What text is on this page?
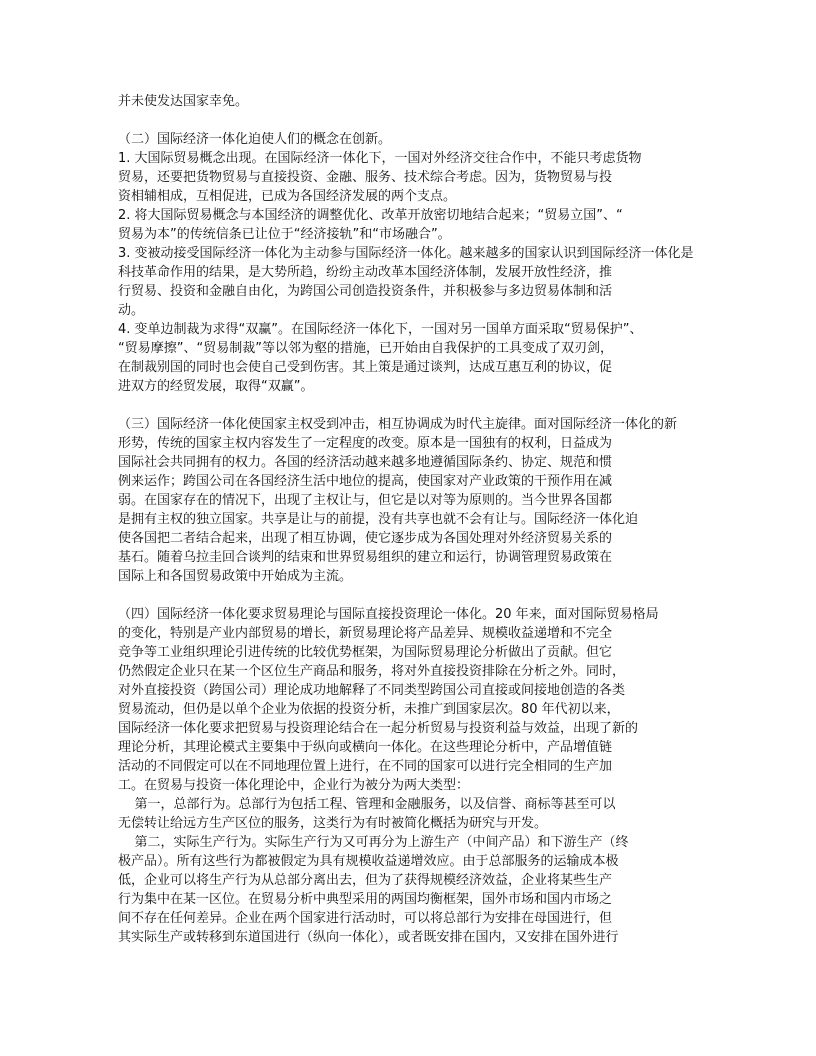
并未使发达国家幸免。
（二）国际经济一体化迫使人们的概念在创新。
1. 大国际贸易概念出现。在国际经济一体化下，一国对外经济交往合作中，不能只考虑货物
贸易，还要把货物贸易与直接投资、金融、服务、技术综合考虑。因为，货物贸易与投
资相辅相成，互相促进，已成为各国经济发展的两个支点。
2. 将大国际贸易概念与本国经济的调整优化、改革开放密切地结合起来；“贸易立国”、“
贸易为本”的传统信条已让位于“经济接轨”和“市场融合”。
3. 变被动接受国际经济一体化为主动参与国际经济一体化。越来越多的国家认识到国际经济一体化是
科技革命作用的结果，是大势所趋，纷纷主动改革本国经济体制，发展开放性经济，推
行贸易、投资和金融自由化，为跨国公司创造投资条件，并积极参与多边贸易体制和活
动。
4. 变单边制裁为求得“双赢”。在国际经济一体化下，一国对另一国单方面采取“贸易保护”、
“贸易摩擦”、“贸易制裁”等以邻为壑的措施，已开始由自我保护的工具变成了双刃剑，
在制裁别国的同时也会使自己受到伤害。其上策是通过谈判，达成互惠互利的协议，促
进双方的经贸发展，取得“双赢”。
（三）国际经济一体化使国家主权受到冲击，相互协调成为时代主旋律。面对国际经济一体化的新
形势，传统的国家主权内容发生了一定程度的改变。原本是一国独有的权利，日益成为
国际社会共同拥有的权力。各国的经济活动越来越多地遵循国际条约、协定、规范和惯
例来运作；跨国公司在各国经济生活中地位的提高，使国家对产业政策的干预作用在减
弱。在国家存在的情况下，出现了主权让与，但它是以对等为原则的。当今世界各国都
是拥有主权的独立国家。共享是让与的前提，没有共享也就不会有让与。国际经济一体化迫
使各国把二者结合起来，出现了相互协调，使它逐步成为各国处理对外经济贸易关系的
基石。随着乌拉圭回合谈判的结束和世界贸易组织的建立和运行，协调管理贸易政策在
国际上和各国贸易政策中开始成为主流。
（四）国际经济一体化要求贸易理论与国际直接投资理论一体化。20 年来，面对国际贸易格局
的变化，特别是产业内部贸易的增长，新贸易理论将产品差异、规模收益递增和不完全
竞争等工业组织理论引进传统的比较优势框架，为国际贸易理论分析做出了贡献。但它
仍然假定企业只在某一个区位生产商品和服务，将对外直接投资排除在分析之外。同时，
对外直接投资（跨国公司）理论成功地解释了不同类型跨国公司直接或间接地创造的各类
贸易流动，但仍是以单个企业为依据的投资分析，未推广到国家层次。80 年代初以来，
国际经济一体化要求把贸易与投资理论结合在一起分析贸易与投资利益与效益，出现了新的
理论分析，其理论模式主要集中于纵向或横向一体化。在这些理论分析中，产品增值链
活动的不同假定可以在不同地理位置上进行，在不同的国家可以进行完全相同的生产加
工。在贸易与投资一体化理论中，企业行为被分为两大类型：
第一，总部行为。总部行为包括工程、管理和金融服务，以及信誉、商标等甚至可以
无偿转让给远方生产区位的服务，这类行为有时被简化概括为研究与开发。
第二，实际生产行为。实际生产行为又可再分为上游生产（中间产品）和下游生产（终
极产品）。所有这些行为都被假定为具有规模收益递增效应。由于总部服务的运输成本极
低，企业可以将生产行为从总部分离出去，但为了获得规模经济效益，企业将某些生产
行为集中在某一区位。在贸易分析中典型采用的两国均衡框架，国外市场和国内市场之
间不存在任何差异。企业在两个国家进行活动时，可以将总部行为安排在母国进行，但
其实际生产或转移到东道国进行（纵向一体化），或者既安排在国内，又安排在国外进行
